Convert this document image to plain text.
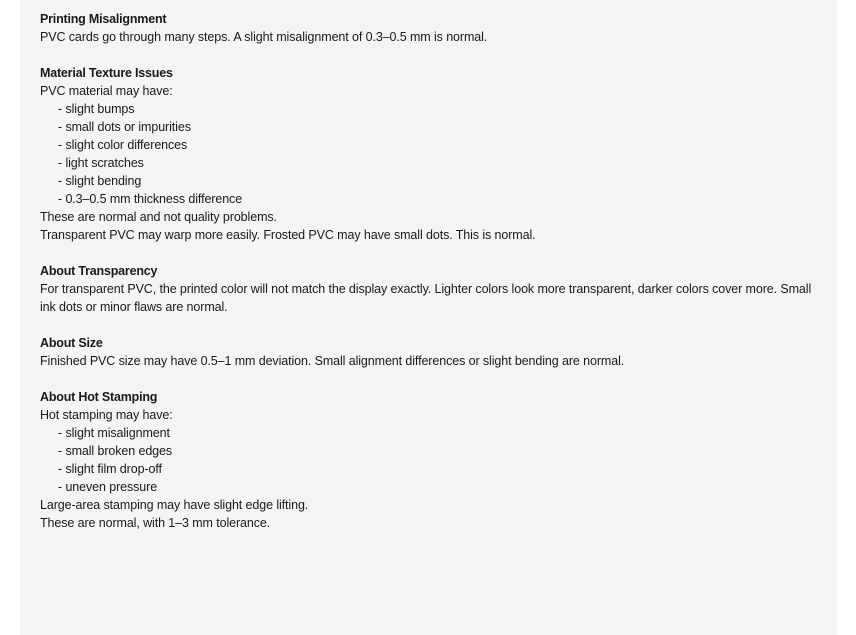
Printing Misalignment
PVC cards go through many steps. A slight misalignment of 0.3–0.5 mm is normal.
Material Texture Issues
PVC material may have:
- slight bumps
- small dots or impurities
- slight color differences
- light scratches
- slight bending
- 0.3–0.5 mm thickness difference
These are normal and not quality problems.
Transparent PVC may warp more easily. Frosted PVC may have small dots. This is normal.
About Transparency
For transparent PVC, the printed color will not match the display exactly. Lighter colors look more transparent, darker colors cover more. Small ink dots or minor flaws are normal.
About Size
Finished PVC size may have 0.5–1 mm deviation. Small alignment differences or slight bending are normal.
About Hot Stamping
Hot stamping may have:
- slight misalignment
- small broken edges
- slight film drop-off
- uneven pressure
Large-area stamping may have slight edge lifting.
These are normal, with 1–3 mm tolerance.
